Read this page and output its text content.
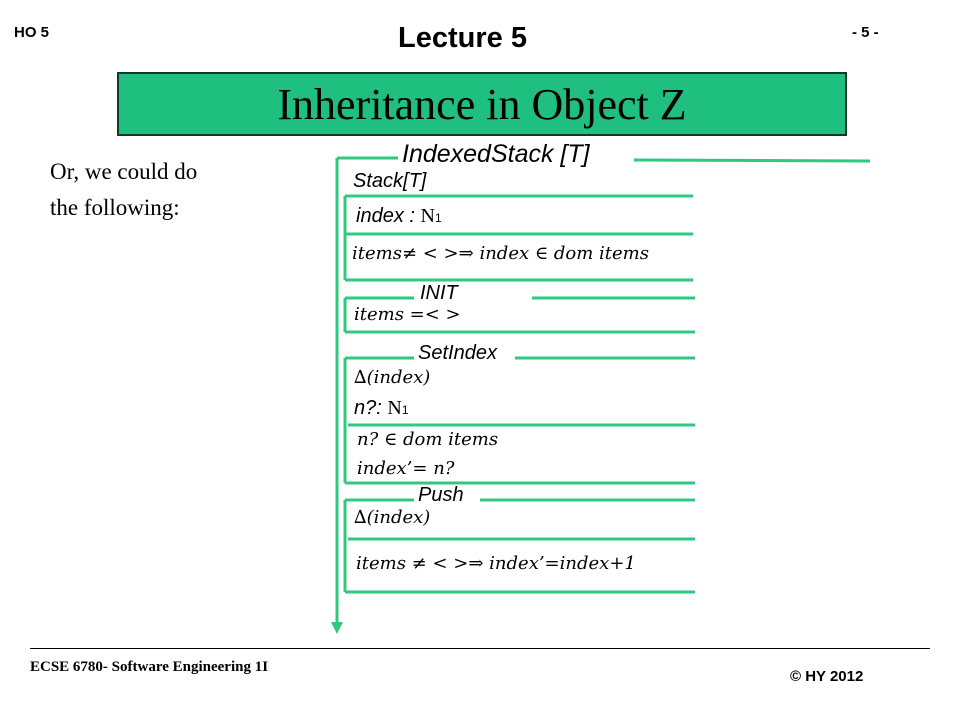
HO 5	Lecture 5	- 5 -
Inheritance in Object Z
Or, we could do
the following:
IndexedStack [T]
Stack[T]
index : N1
items≠ < >⇒ index ∈ dom items
INIT
items =< >
SetIndex
∆(index)
n?: N1
n? ∈ dom items
index’= n?
Push
∆(index)
items ≠ < >⇒ index’=index+1
ECSE 6780- Software Engineering 1I
© HY 2012
